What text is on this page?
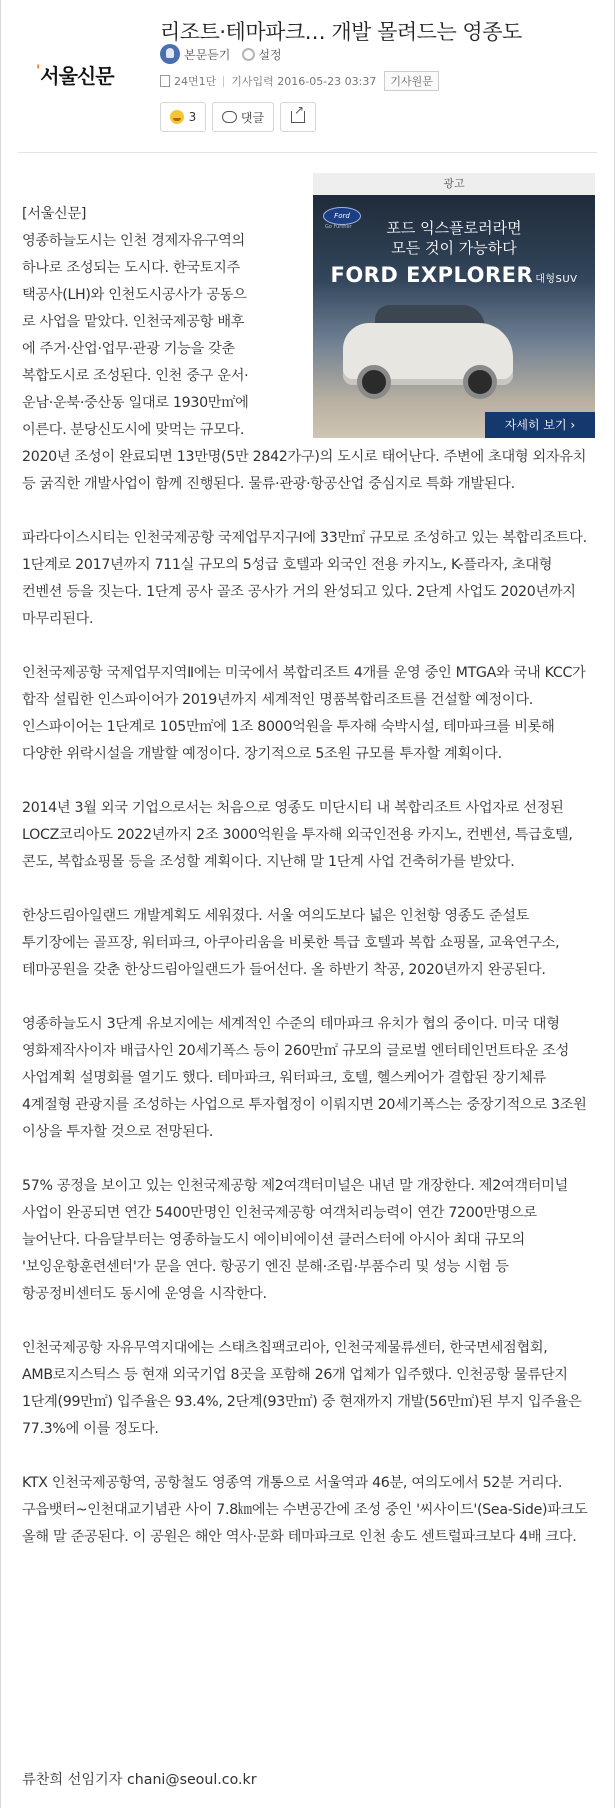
'서울신문
리조트·테마파크… 개발 몰려드는 영종도
본문듣기 설정
24면1단 기사입력 2016-05-23 03:37	기사원문
3	댓글
↗
광고
Ford
Go Further	포드 익스플로러라면
모든 것이 가능하다
FORD EXPLORER 대형SUV
자세히 보기 ›
[서울신문]
영종하늘도시는 인천 경제자유구역의
하나로 조성되는 도시다. 한국토지주
택공사(LH)와 인천도시공사가 공동으
로 사업을 맡았다. 인천국제공항 배후
에 주거·산업·업무·관광 기능을 갖춘
복합도시로 조성된다. 인천 중구 운서·
운남·운북·중산동 일대로 1930만㎡에
이른다. 분당신도시에 맞먹는 규모다.
2020년 조성이 완료되면 13만명(5만 2842가구)의 도시로 태어난다. 주변에 초대형 외자유치 등 굵직한 개발사업이 함께 진행된다. 물류·관광·항공산업 중심지로 특화 개발된다.
파라다이스시티는 인천국제공항 국제업무지구Ⅰ에 33만㎡ 규모로 조성하고 있는 복합리조트다. 1단계로 2017년까지 711실 규모의 5성급 호텔과 외국인 전용 카지노, K-플라자, 초대형 컨벤션 등을 짓는다. 1단계 공사 골조 공사가 거의 완성되고 있다. 2단계 사업도 2020년까지 마무리된다.
인천국제공항 국제업무지역Ⅱ에는 미국에서 복합리조트 4개를 운영 중인 MTGA와 국내 KCC가 합작 설립한 인스파이어가 2019년까지 세계적인 명품복합리조트를 건설할 예정이다. 인스파이어는 1단계로 105만㎡에 1조 8000억원을 투자해 숙박시설, 테마파크를 비롯해 다양한 위락시설을 개발할 예정이다. 장기적으로 5조원 규모를 투자할 계획이다.
2014년 3월 외국 기업으로서는 처음으로 영종도 미단시티 내 복합리조트 사업자로 선정된 LOCZ코리아도 2022년까지 2조 3000억원을 투자해 외국인전용 카지노, 컨벤션, 특급호텔, 콘도, 복합쇼핑몰 등을 조성할 계획이다. 지난해 말 1단계 사업 건축허가를 받았다.
한상드림아일랜드 개발계획도 세워졌다. 서울 여의도보다 넓은 인천항 영종도 준설토 투기장에는 골프장, 워터파크, 아쿠아리움을 비롯한 특급 호텔과 복합 쇼핑몰, 교육연구소, 테마공원을 갖춘 한상드림아일랜드가 들어선다. 올 하반기 착공, 2020년까지 완공된다.
영종하늘도시 3단계 유보지에는 세계적인 수준의 테마파크 유치가 협의 중이다. 미국 대형 영화제작사이자 배급사인 20세기폭스 등이 260만㎡ 규모의 글로벌 엔터테인먼트타운 조성 사업계획 설명회를 열기도 했다. 테마파크, 워터파크, 호텔, 헬스케어가 결합된 장기체류 4계절형 관광지를 조성하는 사업으로 투자협정이 이뤄지면 20세기폭스는 중장기적으로 3조원 이상을 투자할 것으로 전망된다.
57% 공정을 보이고 있는 인천국제공항 제2여객터미널은 내년 말 개장한다. 제2여객터미널 사업이 완공되면 연간 5400만명인 인천국제공항 여객처리능력이 연간 7200만명으로 늘어난다. 다음달부터는 영종하늘도시 에이비에이션 클러스터에 아시아 최대 규모의 '보잉운항훈련센터'가 문을 연다. 항공기 엔진 분해·조립·부품수리 및 성능 시험 등 항공정비센터도 동시에 운영을 시작한다.
인천국제공항 자유무역지대에는 스태츠칩팩코리아, 인천국제물류센터, 한국면세점협회, AMB로지스틱스 등 현재 외국기업 8곳을 포함해 26개 업체가 입주했다. 인천공항 물류단지 1단계(99만㎡) 입주율은 93.4%, 2단계(93만㎡) 중 현재까지 개발(56만㎡)된 부지 입주율은 77.3%에 이를 정도다.
KTX 인천국제공항역, 공항철도 영종역 개통으로 서울역과 46분, 여의도에서 52분 거리다. 구읍뱃터~인천대교기념관 사이 7.8㎞에는 수변공간에 조성 중인 '씨사이드'(Sea-Side)파크도 올해 말 준공된다. 이 공원은 해안 역사·문화 테마파크로 인천 송도 센트럴파크보다 4배 크다.
류찬희 선임기자 chani@seoul.co.kr
